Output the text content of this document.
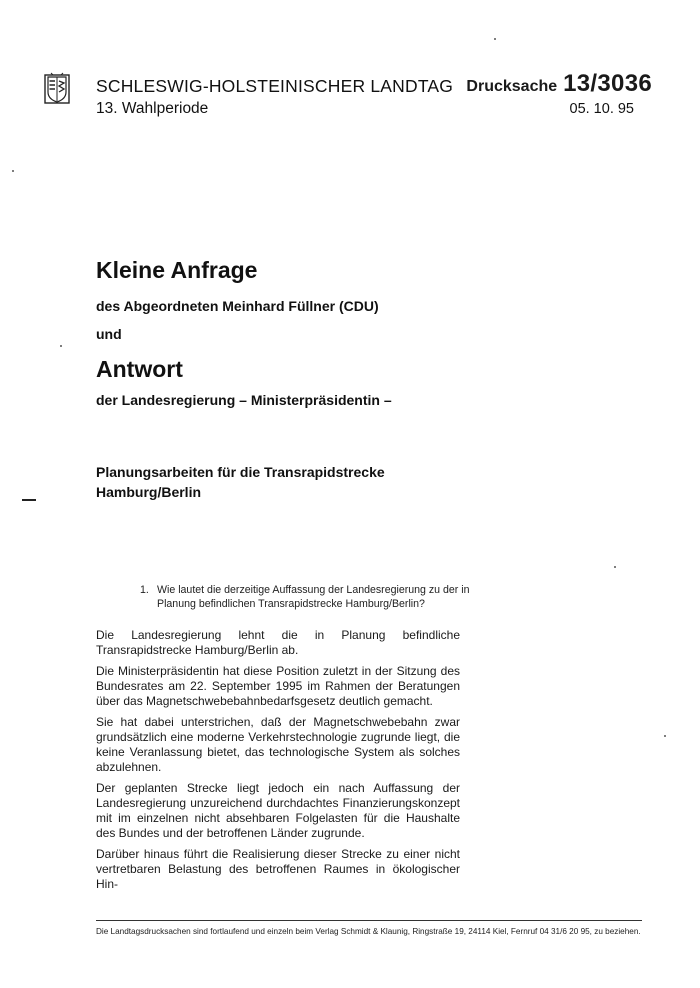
SCHLESWIG-HOLSTEINISCHER LANDTAG
13. Wahlperiode
Drucksache 13/3036
05. 10. 95
Kleine Anfrage

des Abgeordneten Meinhard Füllner (CDU)

und

Antwort

der Landesregierung – Ministerpräsidentin –

Planungsarbeiten für die Transrapidstrecke
Hamburg/Berlin
1. Wie lautet die derzeitige Auffassung der Landesregierung zu der in Planung befindlichen Transrapidstrecke Hamburg/Berlin?

Die Landesregierung lehnt die in Planung befindliche Transrapidstrecke Hamburg/Berlin ab.

Die Ministerpräsidentin hat diese Position zuletzt in der Sitzung des Bundesrates am 22. September 1995 im Rahmen der Beratungen über das Magnetschwebebahnbedarfsgesetz deutlich gemacht.

Sie hat dabei unterstrichen, daß der Magnetschwebebahn zwar grundsätzlich eine moderne Verkehrstechnologie zugrunde liegt, die keine Veranlassung bietet, das technologische System als solches abzulehnen.

Der geplanten Strecke liegt jedoch ein nach Auffassung der Landesregierung unzureichend durchdachtes Finanzierungskonzept mit im einzelnen nicht absehbaren Folgelasten für die Haushalte des Bundes und der betroffenen Länder zugrunde.

Darüber hinaus führt die Realisierung dieser Strecke zu einer nicht vertretbaren Belastung des betroffenen Raumes in ökologischer Hin-

Die Landtagsdrucksachen sind fortlaufend und einzeln beim Verlag Schmidt & Klaunig, Ringstraße 19, 24114 Kiel, Fernruf 04 31/6 20 95, zu beziehen.
